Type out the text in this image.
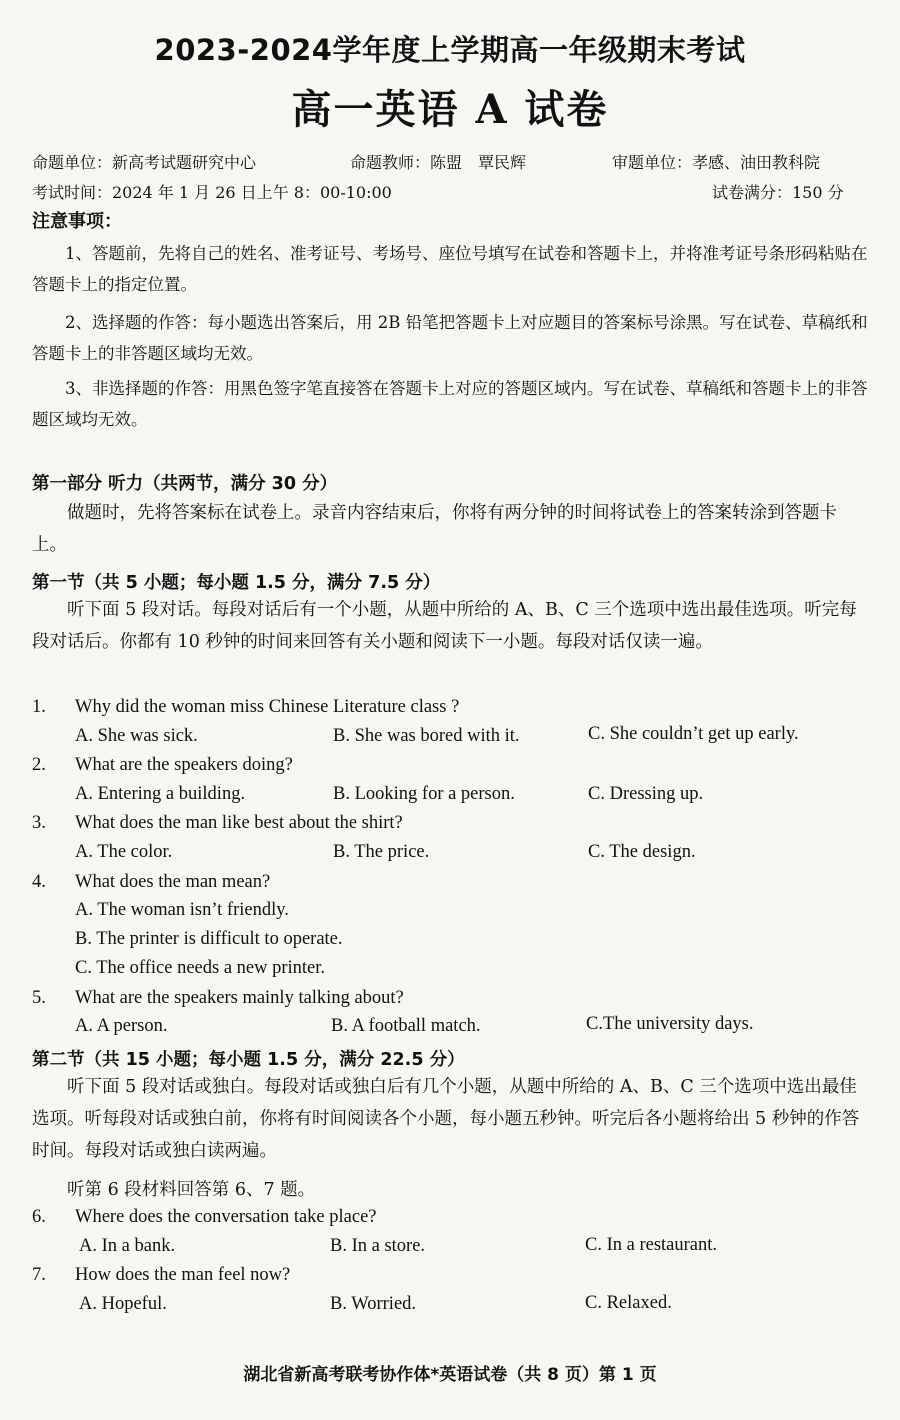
2023-2024学年度上学期高一年级期末考试
高一英语 A 试卷
命题单位：新高考试题研究中心	命题教师：陈盟　覃民辉	审题单位：孝感、油田教科院
考试时间：2024 年 1 月 26 日上午 8：00-10:00	试卷满分：150 分
注意事项：
1、答题前，先将自己的姓名、准考证号、考场号、座位号填写在试卷和答题卡上，并将准考证号条形码粘贴在答题卡上的指定位置。
2、选择题的作答：每小题选出答案后，用 2B 铅笔把答题卡上对应题目的答案标号涂黑。写在试卷、草稿纸和答题卡上的非答题区域均无效。
3、非选择题的作答：用黑色签字笔直接答在答题卡上对应的答题区域内。写在试卷、草稿纸和答题卡上的非答题区域均无效。
第一部分 听力（共两节，满分 30 分）
做题时，先将答案标在试卷上。录音内容结束后，你将有两分钟的时间将试卷上的答案转涂到答题卡上。
第一节（共 5 小题；每小题 1.5 分，满分 7.5 分）
听下面 5 段对话。每段对话后有一个小题，从题中所给的 A、B、C 三个选项中选出最佳选项。听完每段对话后。你都有 10 秒钟的时间来回答有关小题和阅读下一小题。每段对话仅读一遍。
1. Why did the woman miss Chinese Literature class ?
A. She was sick.	B. She was bored with it.	C. She couldn’t get up early.
2. What are the speakers doing?
A. Entering a building.	B. Looking for a person.	C. Dressing up.
3. What does the man like best about the shirt?
A. The color.	B. The price.	C. The design.
4. What does the man mean?
A. The woman isn’t friendly.
B. The printer is difficult to operate.
C. The office needs a new printer.
5. What are the speakers mainly talking about?
A. A person.	B. A football match.	C.The university days.
第二节（共 15 小题；每小题 1.5 分，满分 22.5 分）
听下面 5 段对话或独白。每段对话或独白后有几个小题，从题中所给的 A、B、C 三个选项中选出最佳选项。听每段对话或独白前，你将有时间阅读各个小题，每小题五秒钟。听完后各小题将给出 5 秒钟的作答时间。每段对话或独白读两遍。
听第 6 段材料回答第 6、7 题。
6. Where does the conversation take place?
A. In a bank.	B. In a store.	C. In a restaurant.
7. How does the man feel now?
A. Hopeful.	B. Worried.	C. Relaxed.
湖北省新高考联考协作体*英语试卷（共 8 页）第 1 页
